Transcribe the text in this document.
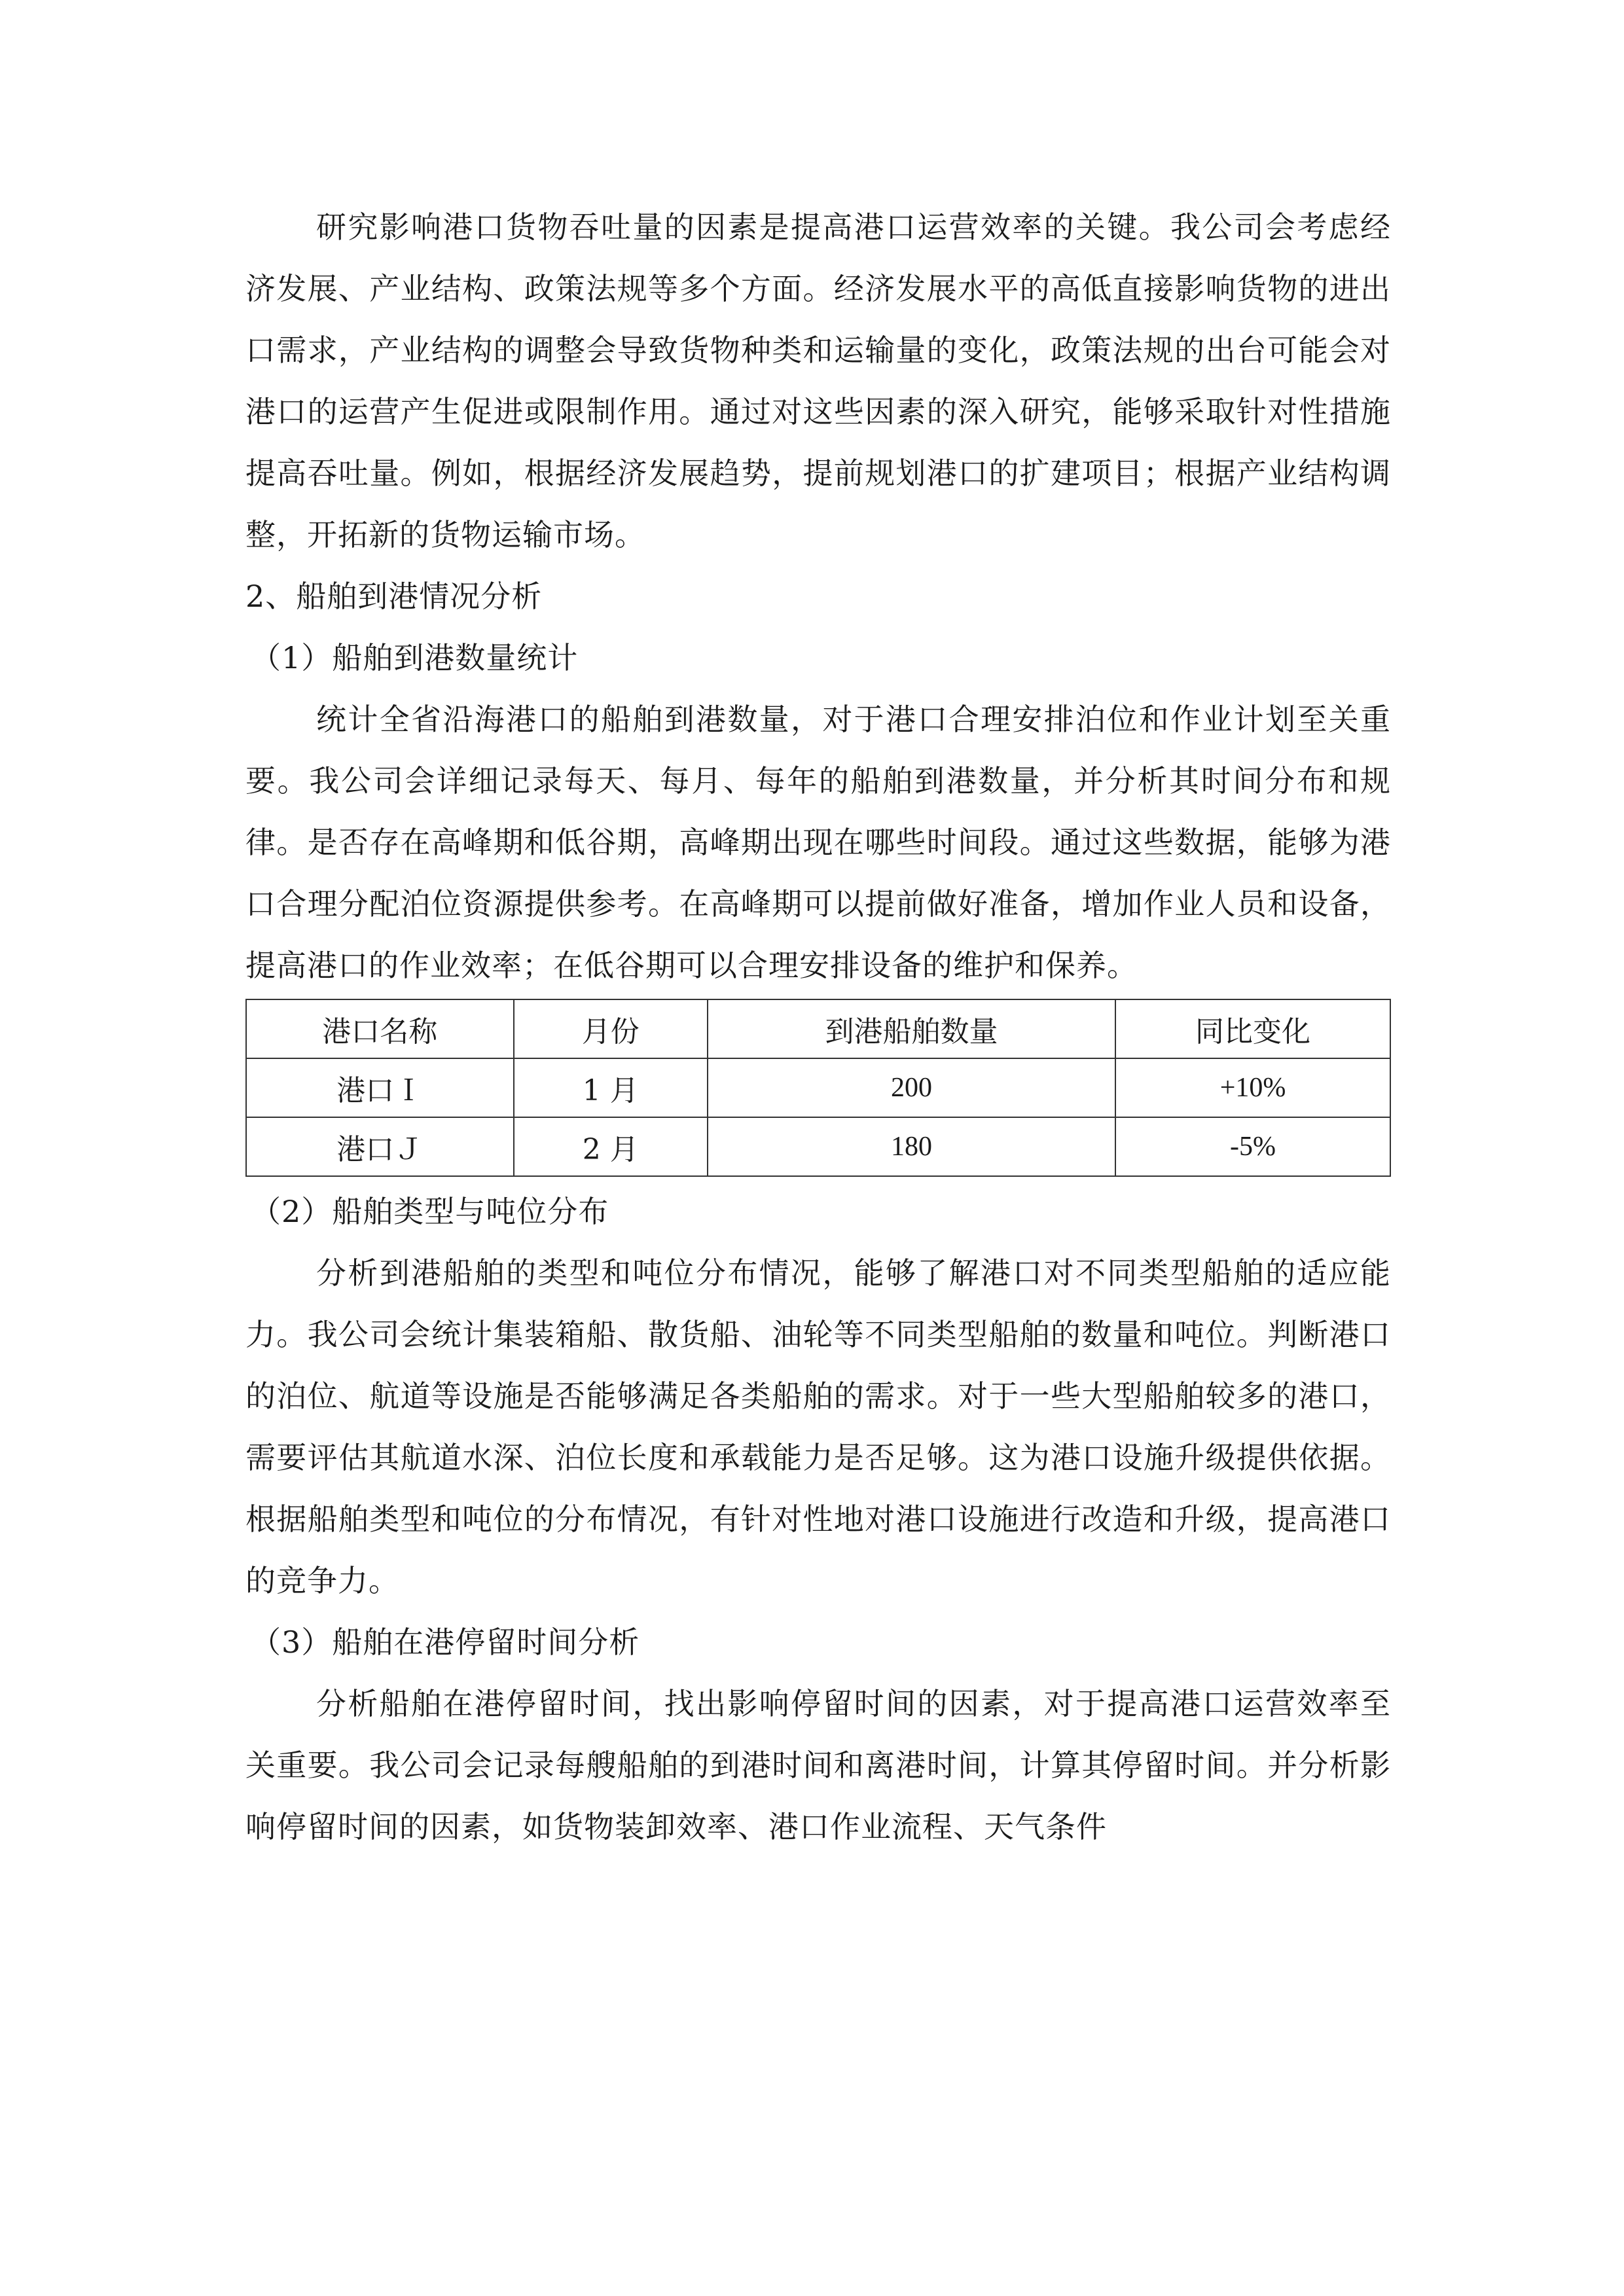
研究影响港口货物吞吐量的因素是提高港口运营效率的关键。我公司会考虑经济发展、产业结构、政策法规等多个方面。经济发展水平的高低直接影响货物的进出口需求，产业结构的调整会导致货物种类和运输量的变化，政策法规的出台可能会对港口的运营产生促进或限制作用。通过对这些因素的深入研究，能够采取针对性措施提高吞吐量。例如，根据经济发展趋势，提前规划港口的扩建项目；根据产业结构调整，开拓新的货物运输市场。

2、船舶到港情况分析

（1）船舶到港数量统计

统计全省沿海港口的船舶到港数量，对于港口合理安排泊位和作业计划至关重要。我公司会详细记录每天、每月、每年的船舶到港数量，并分析其时间分布和规律。是否存在高峰期和低谷期，高峰期出现在哪些时间段。通过这些数据，能够为港口合理分配泊位资源提供参考。在高峰期可以提前做好准备，增加作业人员和设备，提高港口的作业效率；在低谷期可以合理安排设备的维护和保养。

港口名称	月份	到港船舶数量	同比变化
港口Ｉ	1 月	200	+10%
港口Ｊ	2 月	180	-5%

（2）船舶类型与吨位分布

分析到港船舶的类型和吨位分布情况，能够了解港口对不同类型船舶的适应能力。我公司会统计集装箱船、散货船、油轮等不同类型船舶的数量和吨位。判断港口的泊位、航道等设施是否能够满足各类船舶的需求。对于一些大型船舶较多的港口，需要评估其航道水深、泊位长度和承载能力是否足够。这为港口设施升级提供依据。根据船舶类型和吨位的分布情况，有针对性地对港口设施进行改造和升级，提高港口的竞争力。

（3）船舶在港停留时间分析

分析船舶在港停留时间，找出影响停留时间的因素，对于提高港口运营效率至关重要。我公司会记录每艘船舶的到港时间和离港时间，计算其停留时间。并分析影响停留时间的因素，如货物装卸效率、港口作业流程、天气条件
